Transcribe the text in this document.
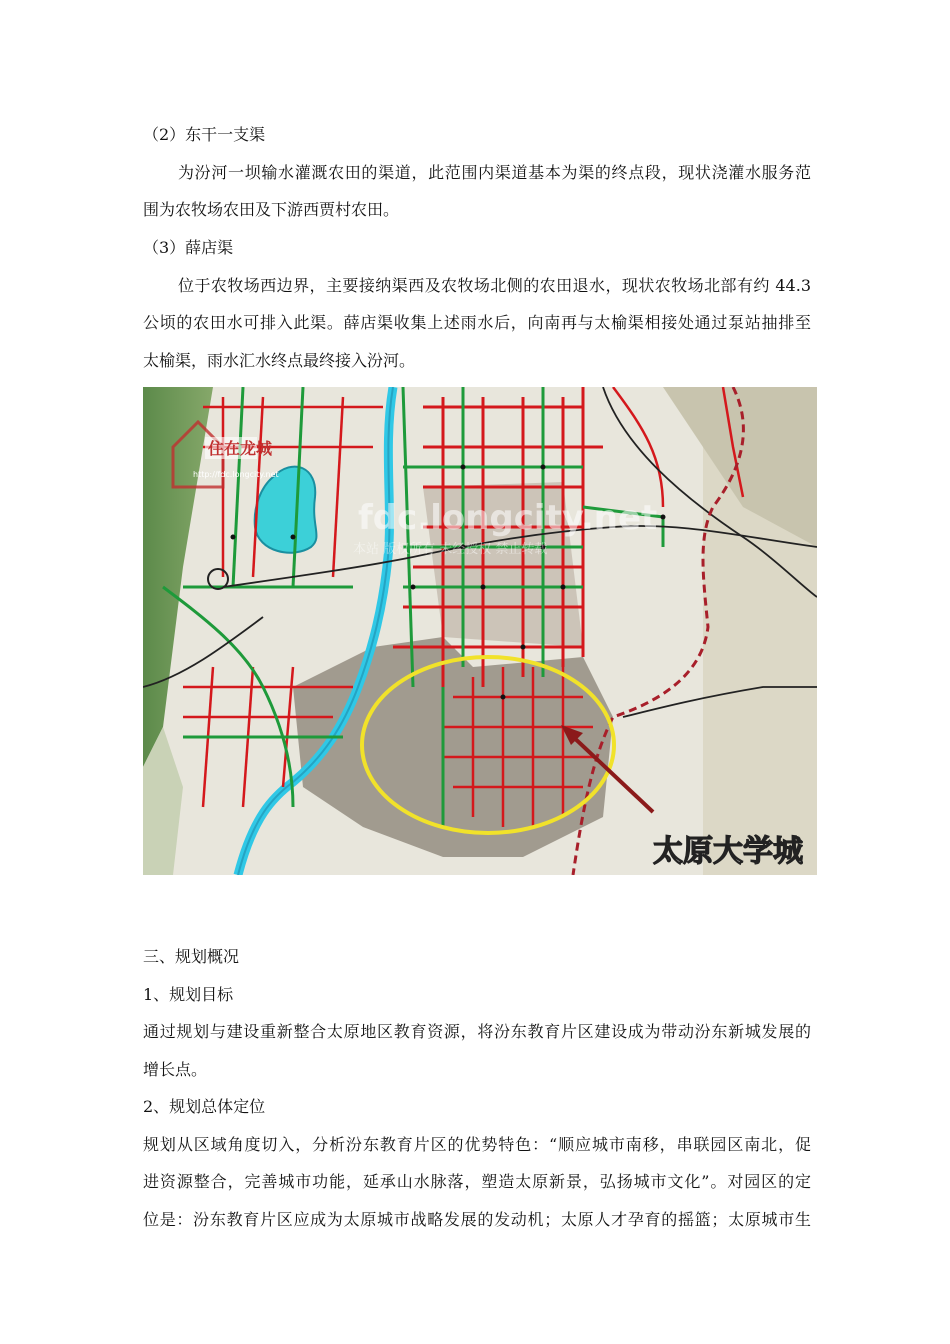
（2）东干一支渠
为汾河一坝输水灌溉农田的渠道，此范围内渠道基本为渠的终点段，现状浇灌水服务范
围为农牧场农田及下游西贾村农田。
（3）薛店渠
位于农牧场西边界，主要接纳渠西及农牧场北侧的农田退水，现状农牧场北部有约 44.3
公顷的农田水可排入此渠。薛店渠收集上述雨水后，向南再与太榆渠相接处通过泵站抽排至
太榆渠，雨水汇水终点最终接入汾河。
住在龙城
http://fdc.longcity.net
fdc.longcity.net
本站 版权所有 未经授权 禁止转载
太原大学城
三、规划概况
1、规划目标
通过规划与建设重新整合太原地区教育资源，将汾东教育片区建设成为带动汾东新城发展的
增长点。
2、规划总体定位
规划从区域角度切入，分析汾东教育片区的优势特色：“顺应城市南移，串联园区南北，促
进资源整合，完善城市功能，延承山水脉落，塑造太原新景，弘扬城市文化”。对园区的定
位是：汾东教育片区应成为太原城市战略发展的发动机；太原人才孕育的摇篮；太原城市生
